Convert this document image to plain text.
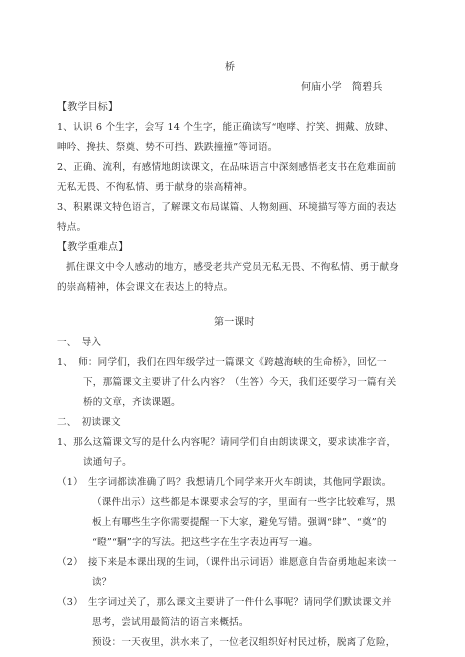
桥
何庙小学　简碧兵
【教学目标】
1、认识 6 个生字，会写 14 个生字，能正确读写“咆哮、拧笑、拥戴、放肆、
呻吟、搀扶、祭奠、势不可挡、跌跌撞撞”等词语。
2、正确、流利，有感情地朗读课文，在品味语言中深刻感悟老支书在危难面前
无私无畏、不徇私情、勇于献身的崇高精神。
3、积累课文特色语言，了解课文布局谋篇、人物刻画、环境描写等方面的表达
特点。
【教学重难点】
抓住课文中令人感动的地方，感受老共产党员无私无畏、不徇私情、勇于献身
的崇高精神，体会课文在表达上的特点。
第一课时
一、　导入
1、　师：同学们，我们在四年级学过一篇课文《跨越海峡的生命桥》，回忆一
下，那篇课文主要讲了什么内容？（生答）今天，我们还要学习一篇有关
桥的文章，齐读课题。
二、　初读课文
1、那么这篇课文写的是什么内容呢？请同学们自由朗读课文，要求读准字音，
读通句子。
（1）　生字词都读准确了吗？我想请几个同学来开火车朗读，其他同学跟读。
（课件出示）这些都是本课要求会写的字，里面有一些字比较难写，黑
板上有哪些生字你需要提醒一下大家，避免写错。强调“肆”、“奠”的
“瞪”“駉”字的写法。把这些字在生字表边再写一遍。
（2）　接下来是本课出现的生词，（课件出示词语）谁愿意自告奋勇地起来读一
读？
（3）　生字词过关了，那么课文主要讲了一件什么事呢？请同学们默读课文并
思考，尝试用最简洁的语言来概括。
预设：一天夜里，洪水来了，一位老汉组织好村民过桥，脱离了危险，
